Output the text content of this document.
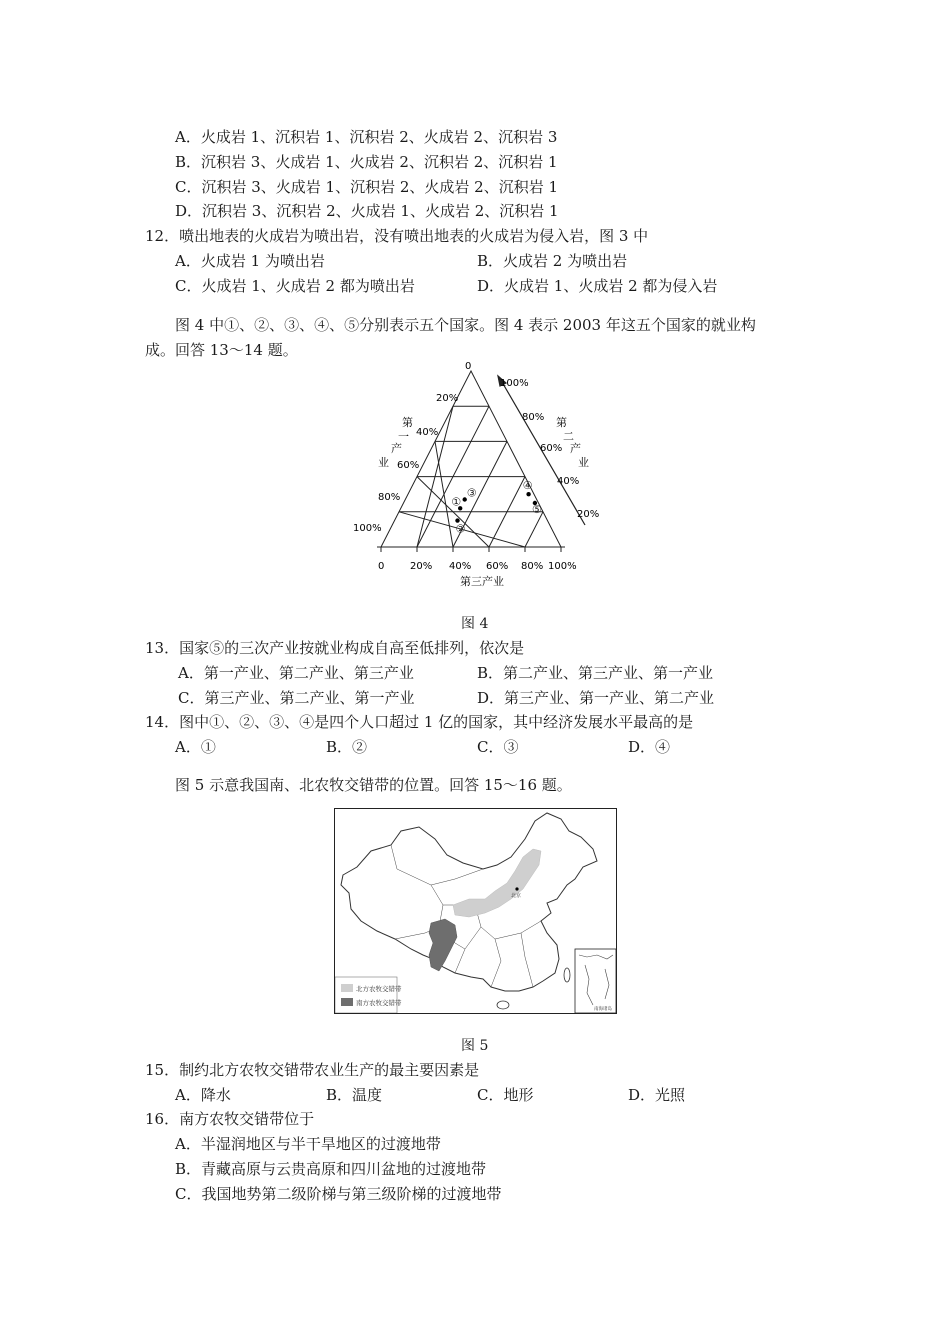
A．火成岩 1、沉积岩 1、沉积岩 2、火成岩 2、沉积岩 3
B．沉积岩 3、火成岩 1、火成岩 2、沉积岩 2、沉积岩 1
C．沉积岩 3、火成岩 1、沉积岩 2、火成岩 2、沉积岩 1
D．沉积岩 3、沉积岩 2、火成岩 1、火成岩 2、沉积岩 1
12．喷出地表的火成岩为喷出岩，没有喷出地表的火成岩为侵入岩，图 3 中
A．火成岩 1 为喷出岩	B．火成岩 2 为喷出岩
C．火成岩 1、火成岩 2 都为喷出岩	D．火成岩 1、火成岩 2 都为侵入岩
图 4 中①、②、③、④、⑤分别表示五个国家。图 4 表示 2003 年这五个国家的就业构
成。回答 13～14 题。
0
20%
40%
60%
80%
100%
第
一
产
业
100%
80%
60%
40%
20%
第
二
产
业
0	20% 40% 60% 80% 100%
第三产业
①
②
③
④
⑤
图 4
13．国家⑤的三次产业按就业构成自高至低排列，依次是
A．第一产业、第二产业、第三产业	B．第二产业、第三产业、第一产业
C．第三产业、第二产业、第一产业	D．第三产业、第一产业、第二产业
14．图中①、②、③、④是四个人口超过 1 亿的国家，其中经济发展水平最高的是
A．①	B．②	C．③	D．④
图 5 示意我国南、北农牧交错带的位置。回答 15～16 题。
北京
南海诸岛
北方农牧交错带
南方农牧交错带
图 5
15．制约北方农牧交错带农业生产的最主要因素是
A．降水	B．温度	C．地形	D．光照
16．南方农牧交错带位于
A．半湿润地区与半干旱地区的过渡地带
B．青藏高原与云贵高原和四川盆地的过渡地带
C．我国地势第二级阶梯与第三级阶梯的过渡地带
